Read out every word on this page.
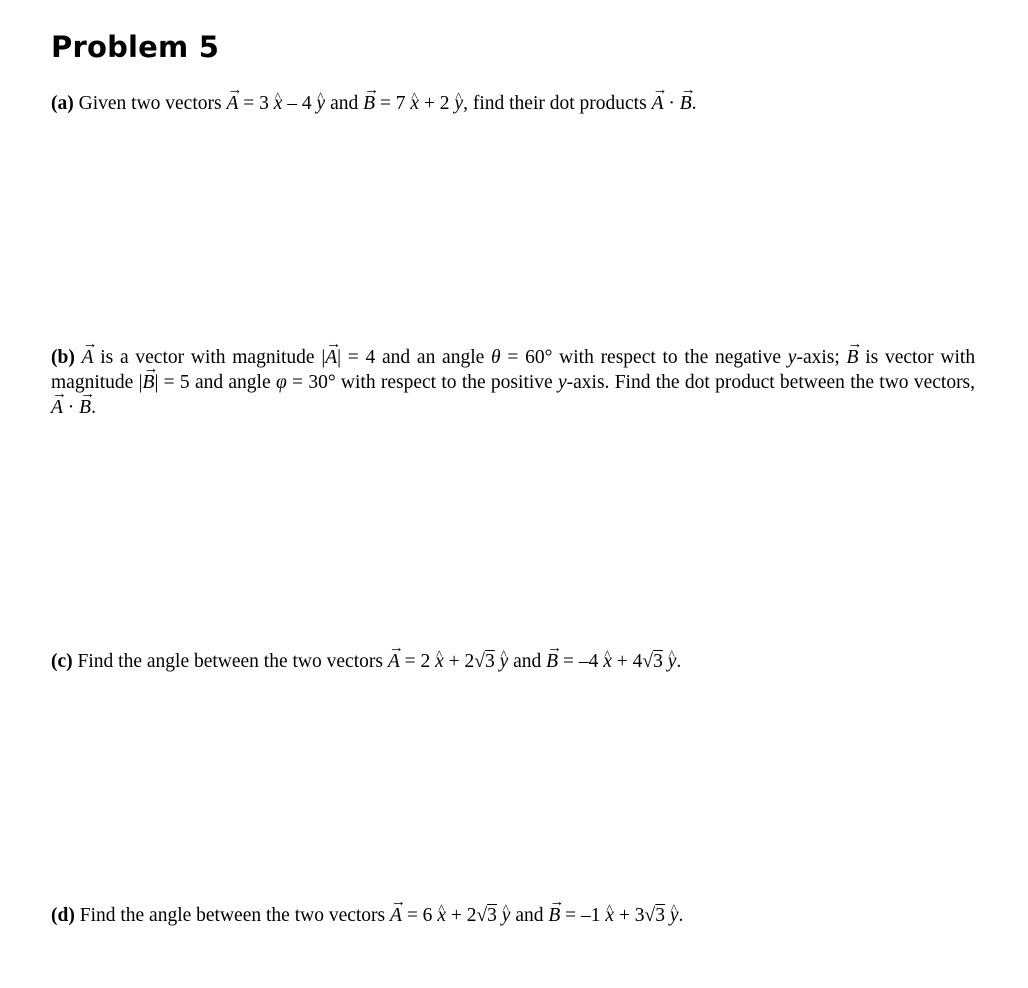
Problem 5
(a) Given two vectors A → = 3 x ^ – 4 y ^ and B → = 7 x ^ + 2 y ^, find their dot products A → · B →.
(b) A → is a vector with magnitude |A →| = 4 and an angle θ = 60° with respect to the negative y-axis; B → is vector with magnitude |B →| = 5 and angle φ = 30° with respect to the positive y-axis. Find the dot product between the two vectors, A → · B →.
(c) Find the angle between the two vectors A → = 2 x ^ + 2√3 y ^ and B → = –4 x ^ + 4√3 y ^.
(d) Find the angle between the two vectors A → = 6 x ^ + 2√3 y ^ and B → = –1 x ^ + 3√3 y ^.
